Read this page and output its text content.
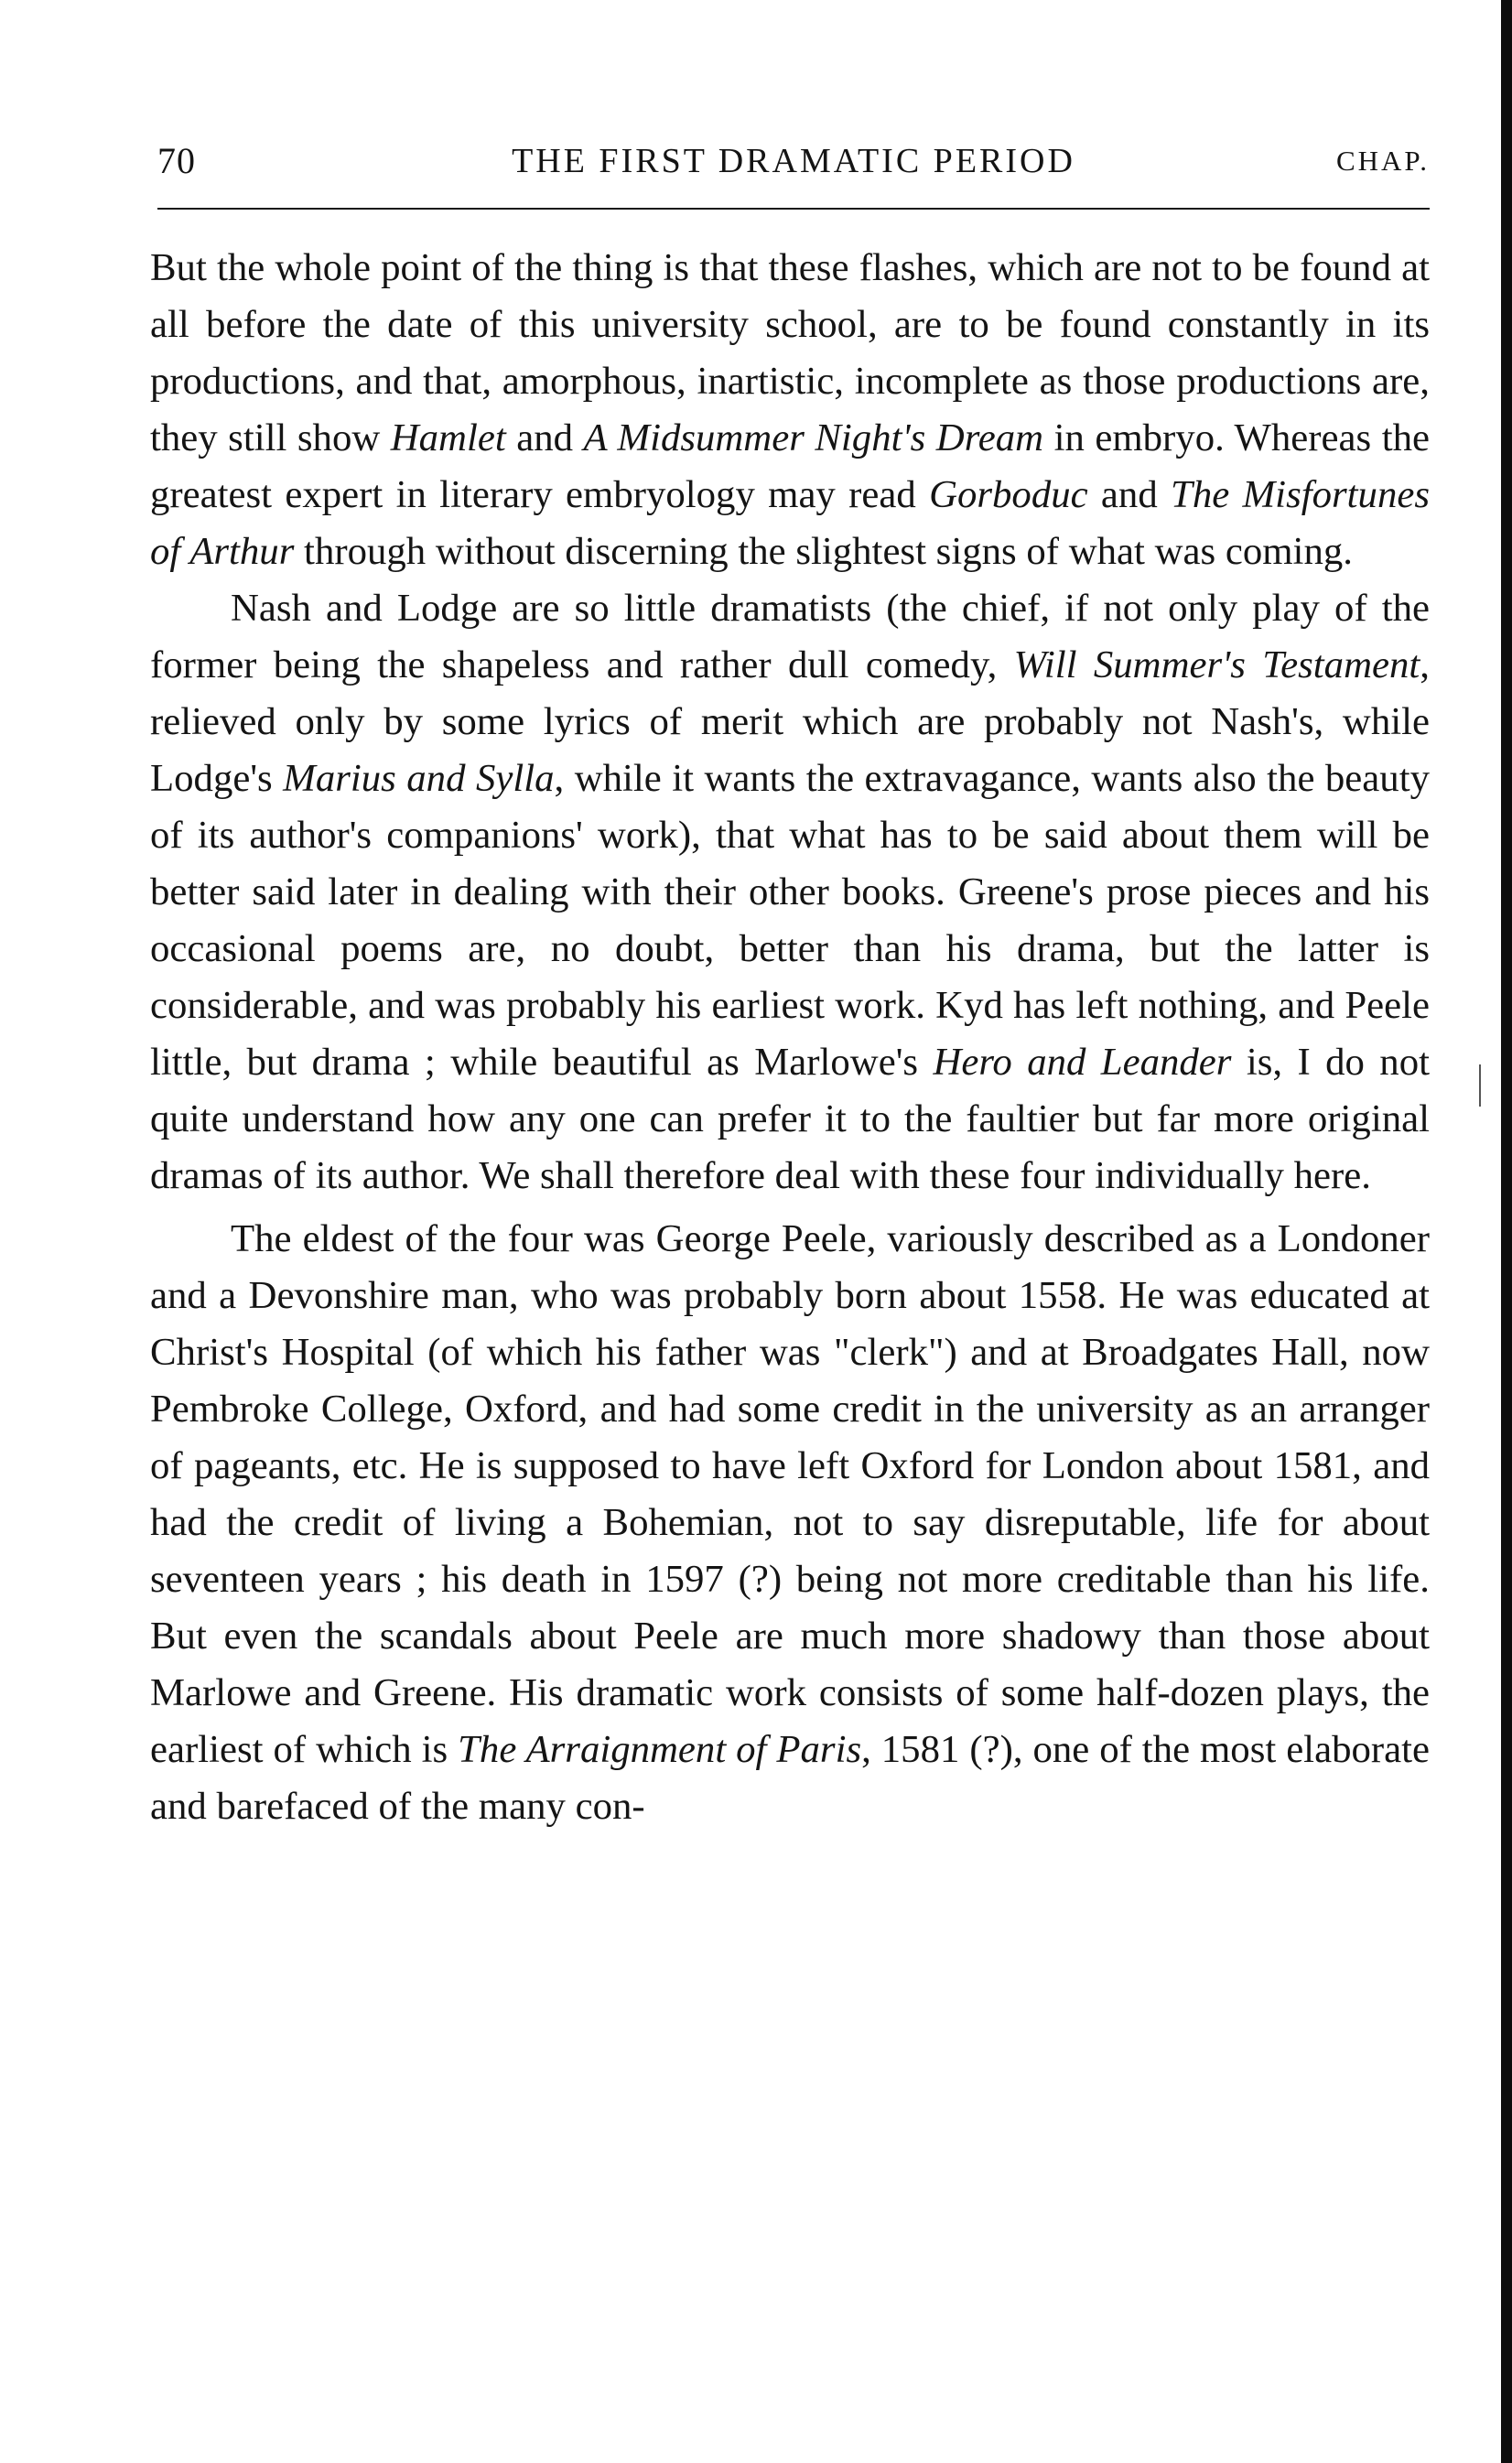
70	THE FIRST DRAMATIC PERIOD	CHAP.

But the whole point of the thing is that these flashes, which are not to be found at all before the date of this university school, are to be found constantly in its productions, and that, amorphous, inartistic, incomplete as those productions are, they still show Hamlet and A Midsummer Night's Dream in embryo. Whereas the greatest expert in literary embryology may read Gorboduc and The Misfortunes of Arthur through without discerning the slightest signs of what was coming.

Nash and Lodge are so little dramatists (the chief, if not only play of the former being the shapeless and rather dull comedy, Will Summer's Testament, relieved only by some lyrics of merit which are probably not Nash's, while Lodge's Marius and Sylla, while it wants the extravagance, wants also the beauty of its author's companions' work), that what has to be said about them will be better said later in dealing with their other books. Greene's prose pieces and his occasional poems are, no doubt, better than his drama, but the latter is considerable, and was probably his earliest work. Kyd has left nothing, and Peele little, but drama ; while beautiful as Marlowe's Hero and Leander is, I do not quite understand how any one can prefer it to the faultier but far more original dramas of its author. We shall therefore deal with these four individually here.

The eldest of the four was George Peele, variously described as a Londoner and a Devonshire man, who was probably born about 1558. He was educated at Christ's Hospital (of which his father was "clerk") and at Broadgates Hall, now Pembroke College, Oxford, and had some credit in the university as an arranger of pageants, etc. He is supposed to have left Oxford for London about 1581, and had the credit of living a Bohemian, not to say disreputable, life for about seventeen years ; his death in 1597 (?) being not more creditable than his life. But even the scandals about Peele are much more shadowy than those about Marlowe and Greene. His dramatic work consists of some half-dozen plays, the earliest of which is The Arraignment of Paris, 1581 (?), one of the most elaborate and barefaced of the many con-
